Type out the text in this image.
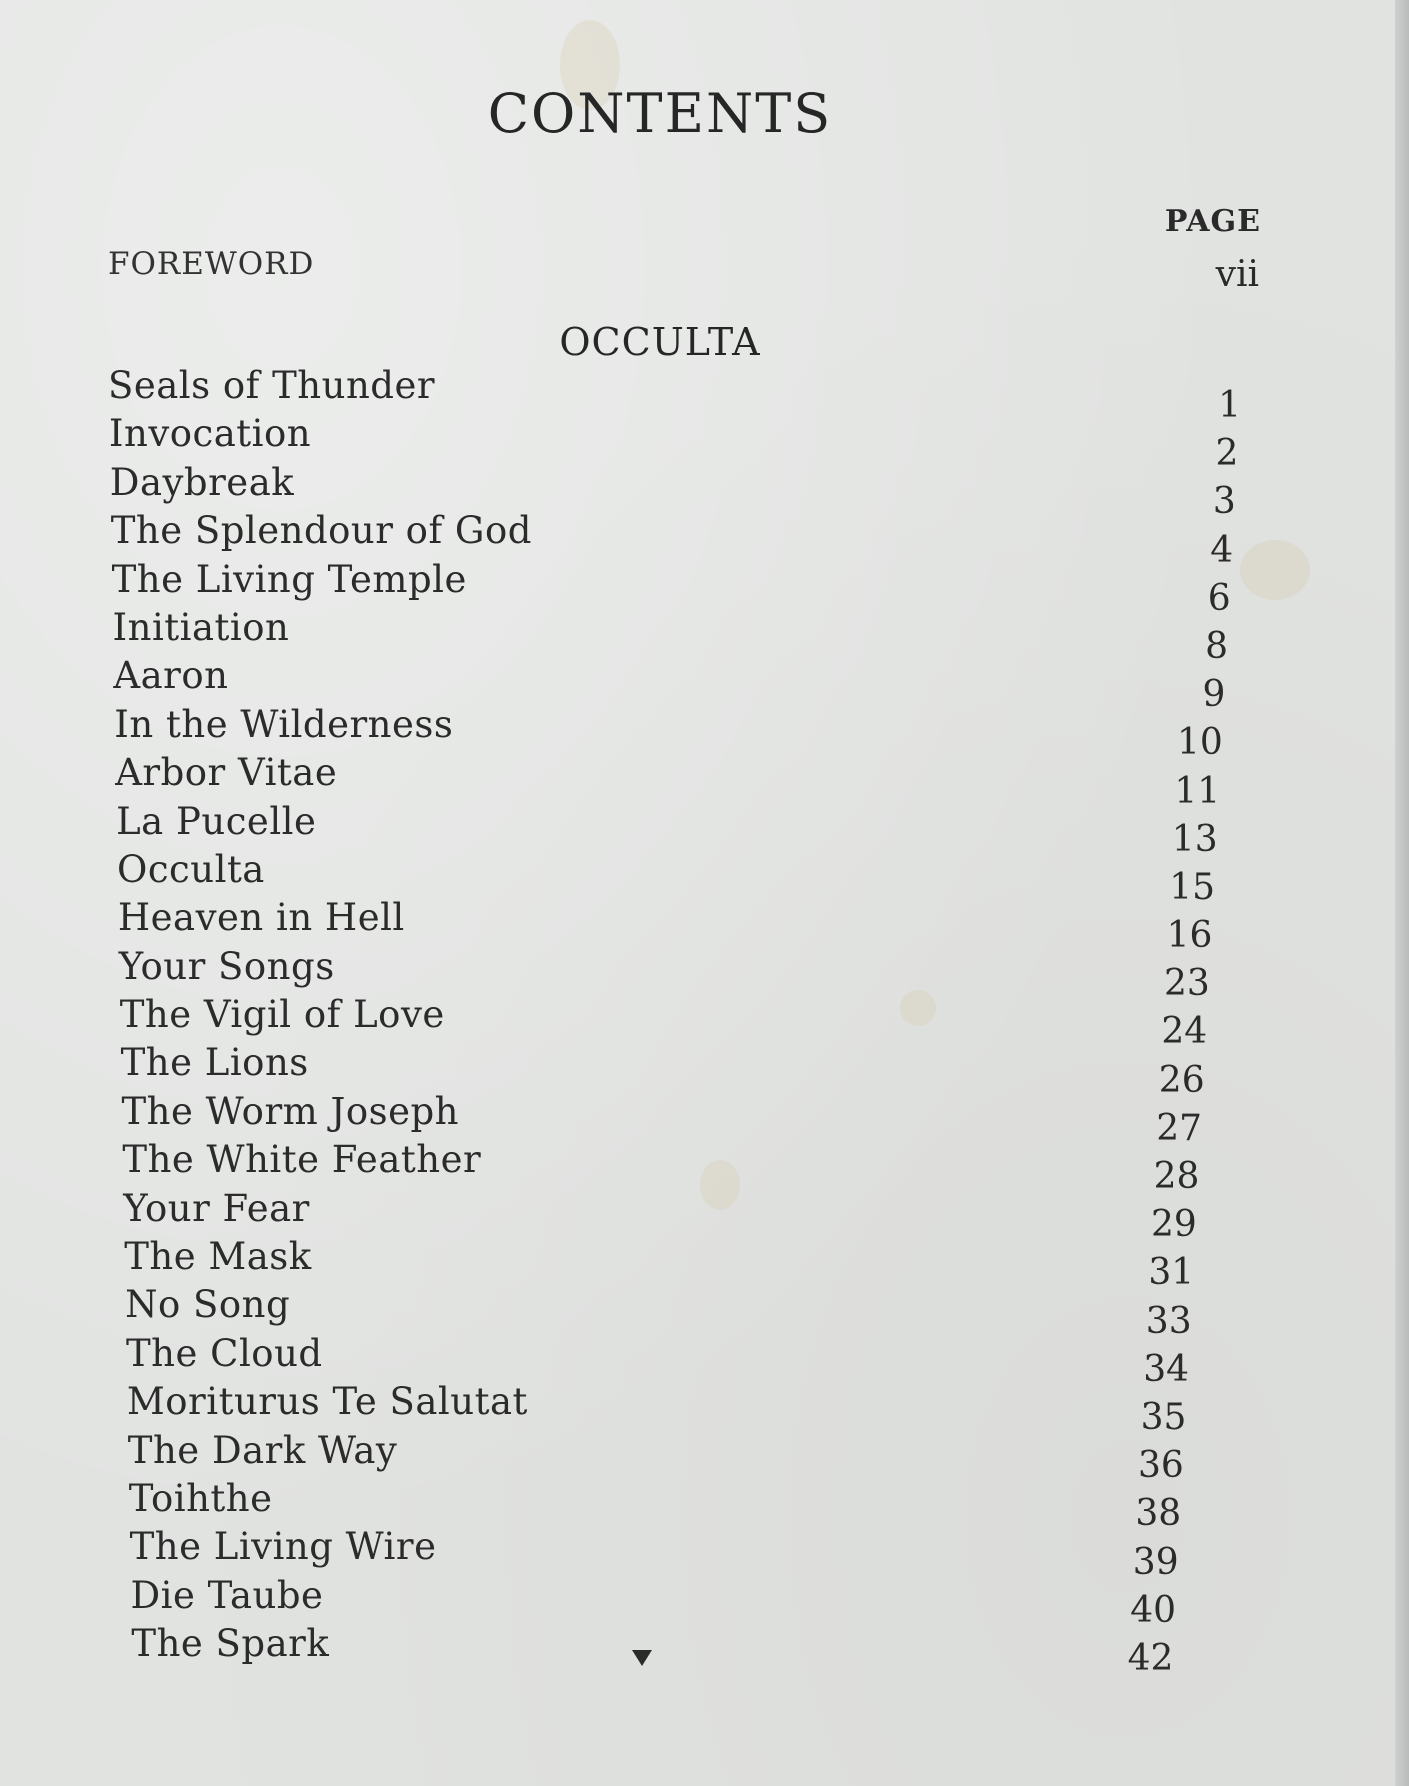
CONTENTS
PAGE
FOREWORD	vii
OCCULTA
Seals of Thunder
Invocation
Daybreak
The Splendour of God
The Living Temple
Initiation
Aaron
In the Wilderness
Arbor Vitae
La Pucelle
Occulta
Heaven in Hell
Your Songs
The Vigil of Love
The Lions
The Worm Joseph
The White Feather
Your Fear
The Mask
No Song
The Cloud
Moriturus Te Salutat
The Dark Way
Toihthe
The Living Wire
Die Taube
The Spark
1
2
3
4
6
8
9
10
11
13
15
16
23
24
26
27
28
29
31
33
34
35
36
38
39
40
42
